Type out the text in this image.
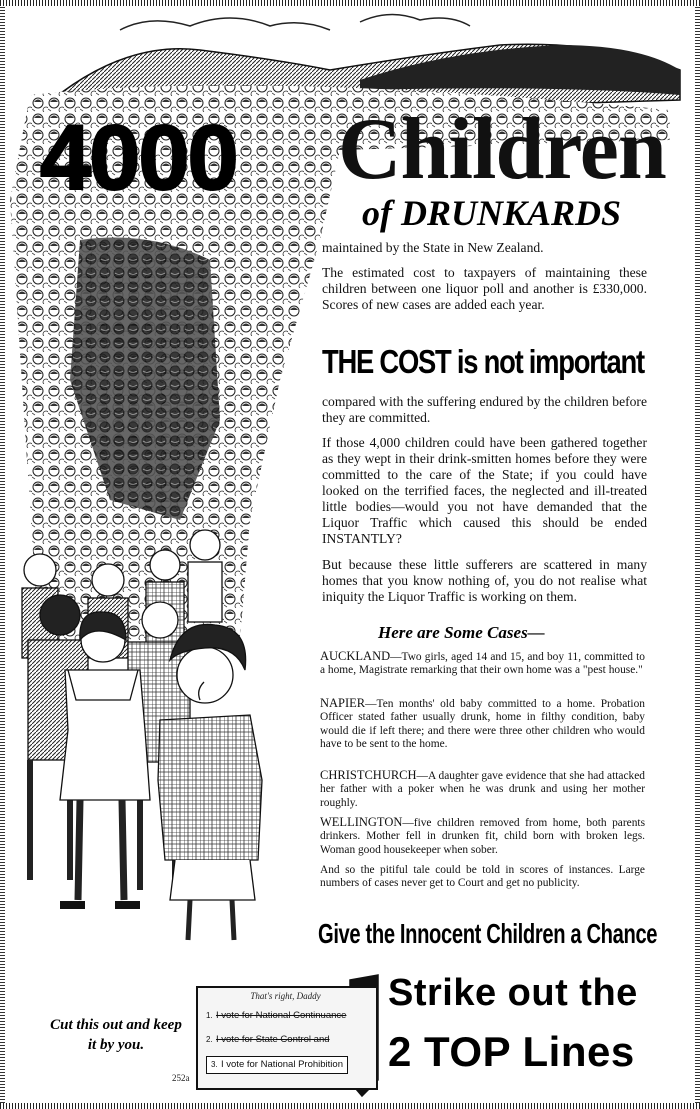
4000 Children
of DRUNKARDS

maintained by the State in New Zealand.

The estimated cost to taxpayers of maintaining these children between one liquor poll and another is £330,000. Scores of new cases are added each year.

THE COST is not important

compared with the suffering endured by the children before they are committed.

If those 4,000 children could have been gathered together as they wept in their drink-smitten homes before they were committed to the care of the State; if you could have looked on the terrified faces, the neglected and ill-treated little bodies—would you not have demanded that the Liquor Traffic which caused this should be ended INSTANTLY?

But because these little sufferers are scattered in many homes that you know nothing of, you do not realise what iniquity the Liquor Traffic is working on them.

Here are Some Cases—
AUCKLAND—Two girls, aged 14 and 15, and boy 11, committed to a home, Magistrate remarking that their own home was a "pest house."
NAPIER—Ten months' old baby committed to a home. Probation Officer stated father usually drunk, home in filthy condition, baby would die if left there; and there were three other children who would have to be sent to the home.
CHRISTCHURCH—A daughter gave evidence that she had attacked her father with a poker when he was drunk and using her mother roughly.
WELLINGTON—five children removed from home, both parents drinkers. Mother fell in drunken fit, child born with broken legs. Woman good housekeeper when sober.
And so the pitiful tale could be told in scores of instances. Large numbers of cases never get to Court and get no publicity.
Give the Innocent Children a Chance
Strike out the
2 TOP Lines
Cut this out and keep it by you.
That's right, Daddy
1. I vote for National Continuance
2. I vote for State Control and
3. I vote for National Prohibition
252a
